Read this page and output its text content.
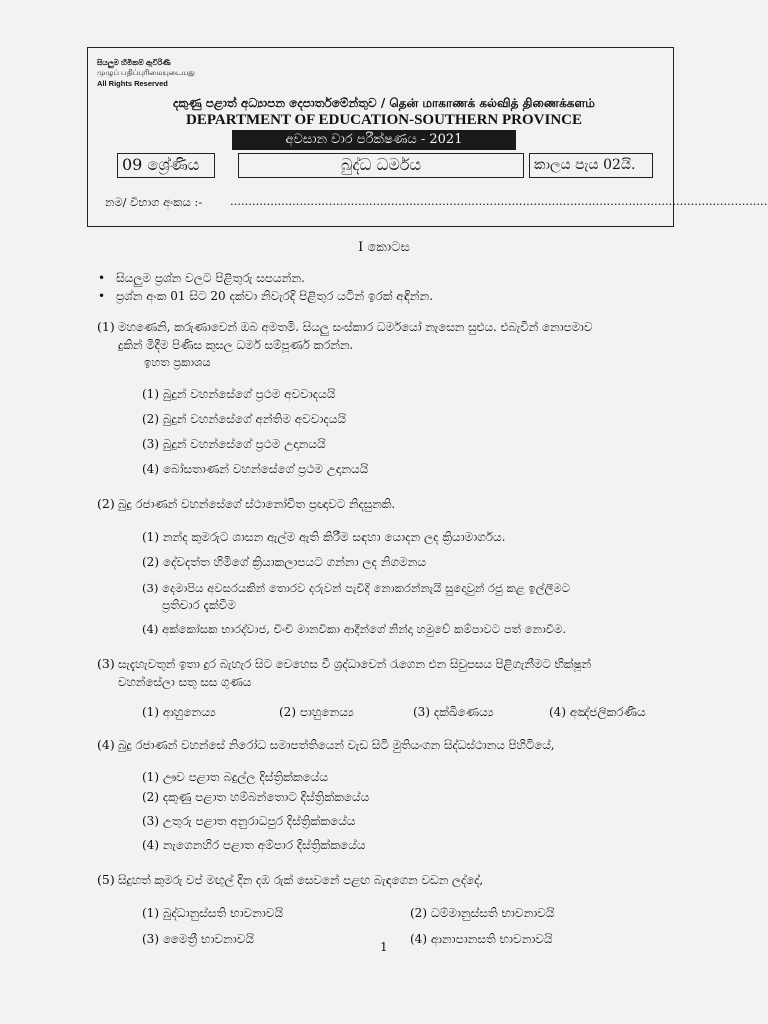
සියලුම හිමිකම් ඇවිරිණි
முழுப் பதிப்புரிமையுடையது
All Rights Reserved
දකුණු පළාත් අධ්‍යාපන දෙපාර්තමේන්තුව / தென் மாகாணக் கல்வித் திணைக்களம்
DEPARTMENT OF EDUCATION-SOUTHERN PROVINCE
අවසාන වාර පරීක්ෂණය - 2021
09 ශ්‍රේණිය	බුද්ධ ධර්මය	කාලය පැය 02යි.
නම/ විභාග අංකය :- ...................................................................................................................................................
I කොටස
• සියලුම ප්‍රශ්න වලට පිළිතුරු සපයන්න.
• ප්‍රශ්න අංක 01 සිට 20 දක්වා නිවැරදි පිළිතුර යටින් ඉරක් අඳින්න.
(1) මහණෙනි, කරුණාවෙන් ඔබ අමතමි. සියලු සංස්කාර ධර්මයෝ නැසෙන සුළුය. එබැවින් නොපමාව
දුකින් මිදීම පිණිස කුසල ධර්ම සම්පූර්ණ කරන්න.
ඉහත ප්‍රකාශය
(1) බුදුන් වහන්සේගේ ප්‍රථම අවවාදයයි
(2) බුදුන් වහන්සේගේ අන්තිම අවවාදයයි
(3) බුදුන් වහන්සේගේ ප්‍රථම උදානයයි
(4) බෝසතාණන් වහන්සේගේ ප්‍රථම උදානයයි
(2) බුදු රජාණන් වහන්සේගේ ස්ථානෝචිත ප්‍රඥාවට නිදසුනකි.
(1) නන්ද කුමරුට ශාසන ඇල්ම ඇති කිරීම සඳහා යොදන ලද ක්‍රියාමාර්ගය.
(2) දේවදත්ත හිමිගේ ක්‍රියාකලාපයට ගන්නා ලද නිගමනය
(3) දෙමාපිය අවසරයකින් තොරව දරුවන් පැවිදි නොකරන්නැයි සුදොවුන් රජු කළ ඉල්ලීමට
ප්‍රතිචාර දැක්වීම
(4) අක්කෝසක භාරද්වාජ, චිංචි මානවිකා ආදීන්ගේ නින්දා හමුවේ කම්පාවට පත් නොවීම.
(3) සැදැහැවතුන් ඉතා දුර බැහැර සිට වෙහෙස වී ශ්‍රද්ධාවෙන් රැගෙන එන සිවුපසය පිළිගැනීමට භික්ෂූන්
වහන්සේලා සතු සස ගුණය
(1) ආහුනෙය්‍ය	(2) පාහුනෙය්‍ය	(3) දක්ඛිණෙය්‍ය	(4) අඤ්ජලිකරණීය
(4) බුදු රජාණන් වහන්සේ නිරෝධ සමාපත්තියෙන් වැඩ සිටි මුතියංගන සිද්ධස්ථානය පිහිටියේ,
(1) ඌව පළාත බදුල්ල දිස්ත්‍රික්කයේය
(2) දකුණු පළාත හම්බන්තොට දිස්ත්‍රික්කයේය
(3) උතුරු පළාත අනුරාධපුර දිස්ත්‍රික්කයේය
(4) නැගෙනහිර පළාත අම්පාර දිස්ත්‍රික්කයේය
(5) සිදුහත් කුමරු වප් මඟුල් දින දඹ රුක් සෙවනේ පළඟ බැඳගෙන වඩන ලද්දේ,
(1) බුද්ධානුස්සති භාවනාවයි	(2) ධම්මානුස්සති භාවනාවයි
(3) මෛත්‍රී භාවනාවයි	(4) ආනාපානසති භාවනාවයි
1
